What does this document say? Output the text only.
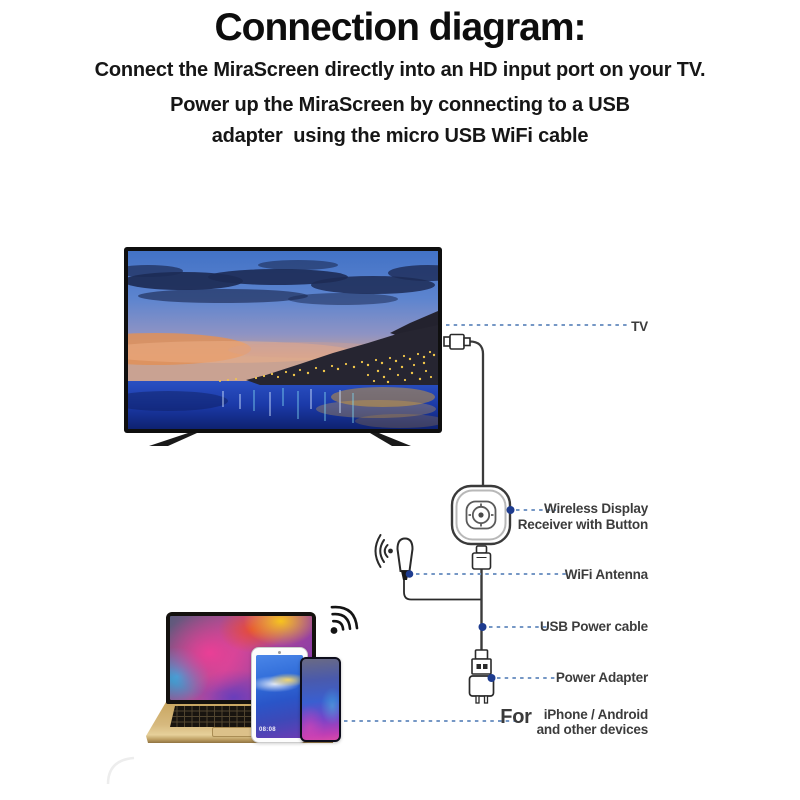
Connection diagram:
Connect the MiraScreen directly into an HD input port on your TV.
Power up the MiraScreen by connecting to a USB
adapter  using the micro USB WiFi cable
08:08
TV
Wireless Display
Receiver with Button
WiFi Antenna
USB Power cable
Power Adapter
For iPhone / Android
and other devices
